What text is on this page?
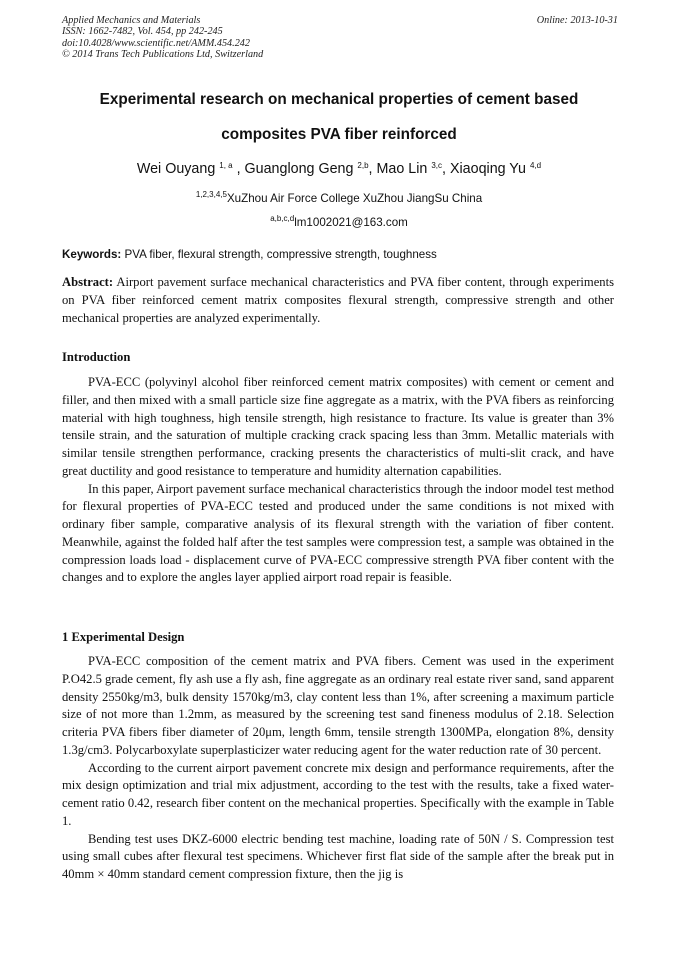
Applied Mechanics and Materials
ISSN: 1662-7482, Vol. 454, pp 242-245
doi:10.4028/www.scientific.net/AMM.454.242
© 2014 Trans Tech Publications Ltd, Switzerland
Online: 2013-10-31
Experimental research on mechanical properties of cement based
composites PVA fiber reinforced
Wei Ouyang $^{1, a}$ , Guanglong Geng $^{2,b}$, Mao Lin $^{3,c}$, Xiaoqing Yu $^{4,d}$
$^{1,2,3,4,5}$XuZhou Air Force College XuZhou JiangSu China
$^{a,b,c,d}$lm1002021@163.com
Keywords: PVA fiber, flexural strength, compressive strength, toughness

Abstract: Airport pavement surface mechanical characteristics and PVA fiber content, through experiments on PVA fiber reinforced cement matrix composites flexural strength, compressive strength and other mechanical properties are analyzed experimentally.

Introduction

PVA-ECC (polyvinyl alcohol fiber reinforced cement matrix composites) with cement or cement and filler, and then mixed with a small particle size fine aggregate as a matrix, with the PVA fibers as reinforcing material with high toughness, high tensile strength, high resistance to fracture. Its value is greater than 3% tensile strain, and the saturation of multiple cracking crack spacing less than 3mm. Metallic materials with similar tensile strengthen performance, cracking presents the characteristics of multi-slit crack, and have great ductility and good resistance to temperature and humidity alternation capabilities.

In this paper, Airport pavement surface mechanical characteristics through the indoor model test method for flexural properties of PVA-ECC tested and produced under the same conditions is not mixed with ordinary fiber sample, comparative analysis of its flexural strength with the variation of fiber content. Meanwhile, against the folded half after the test samples were compression test, a sample was obtained in the compression loads load - displacement curve of PVA-ECC compressive strength PVA fiber content with the changes and to explore the angles layer applied airport road repair is feasible.

1 Experimental Design

PVA-ECC composition of the cement matrix and PVA fibers. Cement was used in the experiment P.O42.5 grade cement, fly ash use a fly ash, fine aggregate as an ordinary real estate river sand, sand apparent density 2550kg/m3, bulk density 1570kg/m3, clay content less than 1%, after screening a maximum particle size of not more than 1.2mm, as measured by the screening test sand fineness modulus of 2.18. Selection criteria PVA fibers fiber diameter of 20μm, length 6mm, tensile strength 1300MPa, elongation 8%, density 1.3g/cm3. Polycarboxylate superplasticizer water reducing agent for the water reduction rate of 30 percent.

According to the current airport pavement concrete mix design and performance requirements, after the mix design optimization and trial mix adjustment, according to the test with the results, take a fixed water-cement ratio 0.42, research fiber content on the mechanical properties. Specifically with the example in Table 1.

Bending test uses DKZ-6000 electric bending test machine, loading rate of 50N / S. Compression test using small cubes after flexural test specimens. Whichever first flat side of the sample after the break put in 40mm × 40mm standard cement compression fixture, then the jig is
